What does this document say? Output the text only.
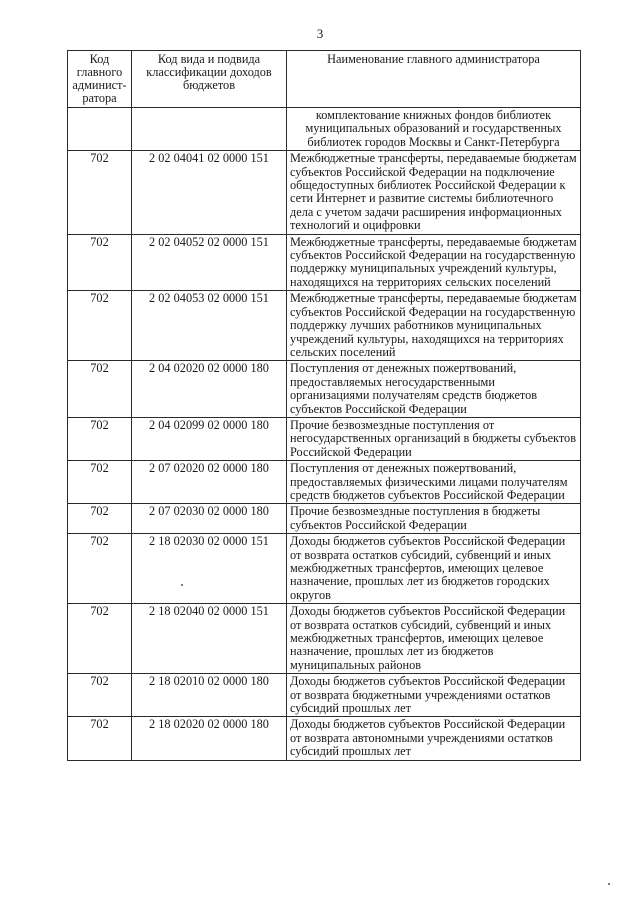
3
Код главного админист-ратора	Код вида и подвида классификации доходов бюджетов	Наименование главного администратора
		комплектование книжных фондов библиотек муниципальных образований и государственных библиотек городов Москвы и Санкт-Петербурга
702	2 02 04041 02 0000 151	Межбюджетные трансферты, передаваемые бюджетам субъектов Российской Федерации на подключение общедоступных библиотек Российской Федерации к сети Интернет и развитие системы библиотечного дела с учетом задачи расширения информационных технологий и оцифровки
702	2 02 04052 02 0000 151	Межбюджетные трансферты, передаваемые бюджетам субъектов Российской Федерации на государственную поддержку муниципальных учреждений культуры, находящихся на территориях сельских поселений
702	2 02 04053 02 0000 151	Межбюджетные трансферты, передаваемые бюджетам субъектов Российской Федерации на государственную поддержку лучших работников муниципальных учреждений культуры, находящихся на территориях сельских поселений
702	2 04 02020 02 0000 180	Поступления от денежных пожертвований, предоставляемых негосударственными организациями получателям средств бюджетов субъектов Российской Федерации
702	2 04 02099 02 0000 180	Прочие безвозмездные поступления от негосударственных организаций в бюджеты субъектов Российской Федерации
702	2 07 02020 02 0000 180	Поступления от денежных пожертвований, предоставляемых физическими лицами получателям средств бюджетов субъектов Российской Федерации
702	2 07 02030 02 0000 180	Прочие безвозмездные поступления в бюджеты субъектов Российской Федерации
702	2 18 02030 02 0000 151	Доходы бюджетов субъектов Российской Федерации от возврата остатков субсидий, субвенций и иных межбюджетных трансфертов, имеющих целевое назначение, прошлых лет из бюджетов городских округов
702	2 18 02040 02 0000 151	Доходы бюджетов субъектов Российской Федерации от возврата остатков субсидий, субвенций и иных межбюджетных трансфертов, имеющих целевое назначение, прошлых лет из бюджетов муниципальных районов
702	2 18 02010 02 0000 180	Доходы бюджетов субъектов Российской Федерации от возврата бюджетными учреждениями остатков субсидий прошлых лет
702	2 18 02020 02 0000 180	Доходы бюджетов субъектов Российской Федерации от возврата автономными учреждениями остатков субсидий прошлых лет
